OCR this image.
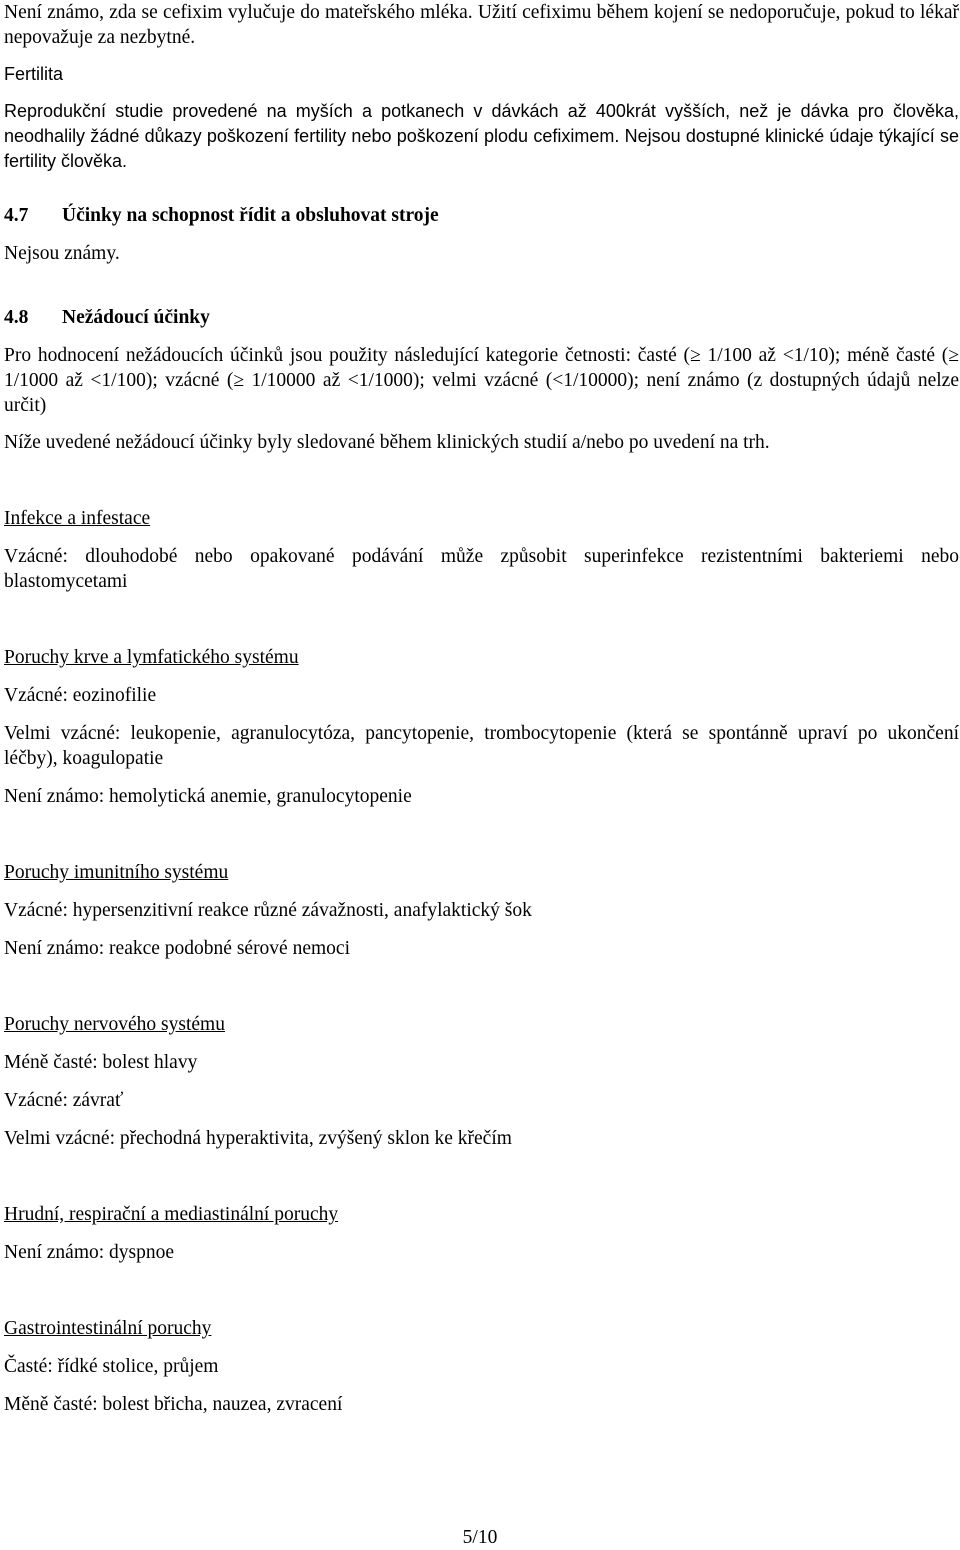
Není známo, zda se cefixim vylučuje do mateřského mléka. Užití cefiximu během kojení se nedoporučuje, pokud to lékař nepovažuje za nezbytné.

Fertilita

Reprodukční studie provedené na myších a potkanech v dávkách až 400krát vyšších, než je dávka pro člověka, neodhalily žádné důkazy poškození fertility nebo poškození plodu cefiximem. Nejsou dostupné klinické údaje týkající se fertility člověka.

4.7 Účinky na schopnost řídit a obsluhovat stroje

Nejsou známy.

4.8 Nežádoucí účinky

Pro hodnocení nežádoucích účinků jsou použity následující kategorie četnosti: časté (≥ 1/100 až <1/10); méně časté (≥ 1/1000 až <1/100); vzácné (≥ 1/10000 až <1/1000); velmi vzácné (<1/10000); není známo (z dostupných údajů nelze určit)

Níže uvedené nežádoucí účinky byly sledované během klinických studií a/nebo po uvedení na trh.

Infekce a infestace

Vzácné: dlouhodobé nebo opakované podávání může způsobit superinfekce rezistentními bakteriemi nebo blastomycetami

Poruchy krve a lymfatického systému

Vzácné: eozinofilie

Velmi vzácné: leukopenie, agranulocytóza, pancytopenie, trombocytopenie (která se spontánně upraví po ukončení léčby), koagulopatie

Není známo: hemolytická anemie, granulocytopenie

Poruchy imunitního systému

Vzácné: hypersenzitivní reakce různé závažnosti, anafylaktický šok

Není známo: reakce podobné sérové nemoci

Poruchy nervového systému

Méně časté: bolest hlavy

Vzácné: závrať

Velmi vzácné: přechodná hyperaktivita, zvýšený sklon ke křečím

Hrudní, respirační a mediastinální poruchy

Není známo: dyspnoe

Gastrointestinální poruchy

Časté: řídké stolice, průjem

Měně časté: bolest břicha, nauzea, zvracení

5/10
